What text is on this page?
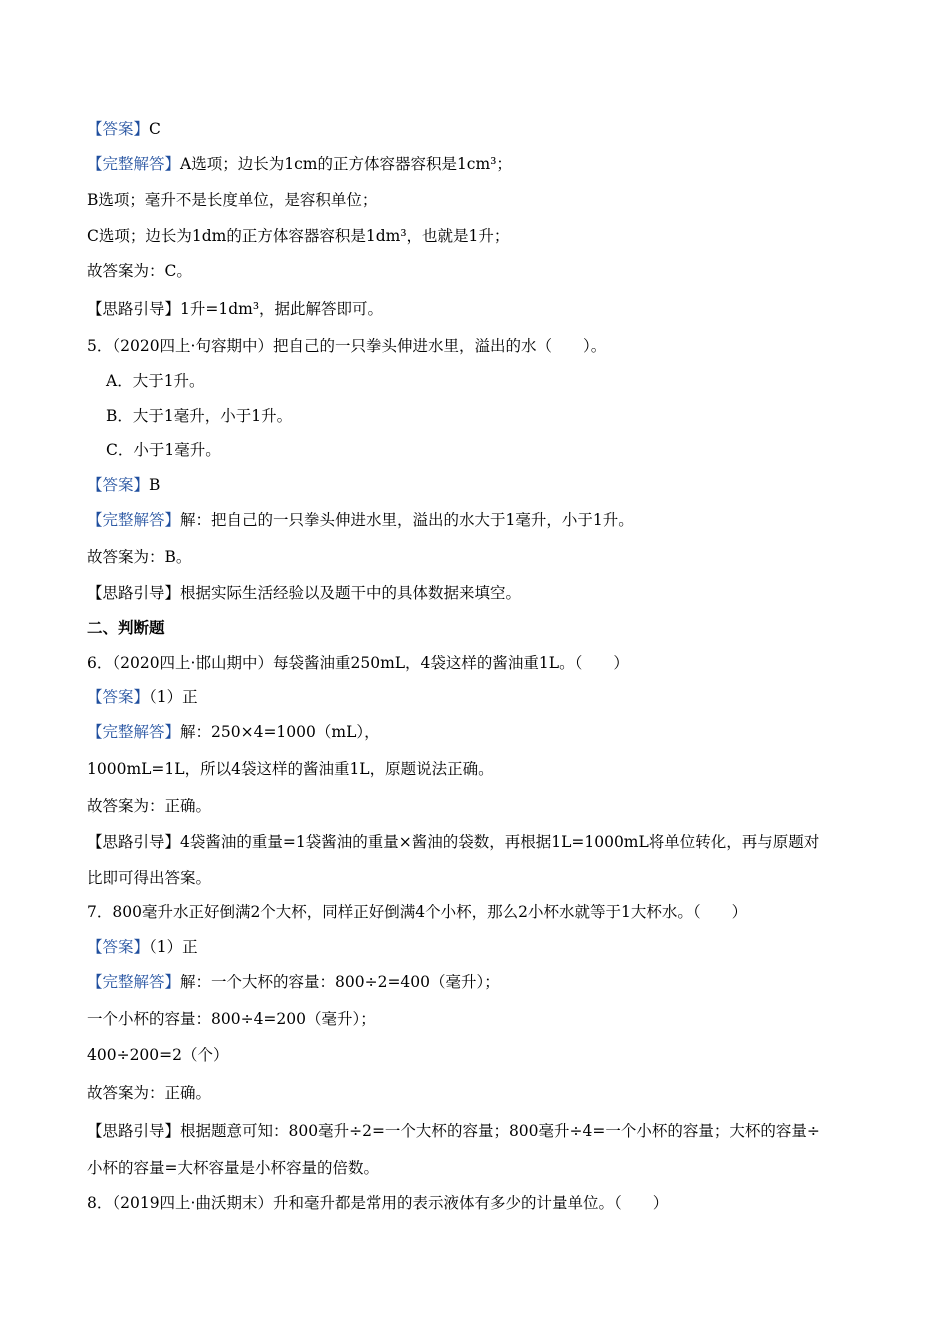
【答案】C
【完整解答】A选项；边长为1cm的正方体容器容积是1cm³；
B选项；毫升不是长度单位，是容积单位；
C选项；边长为1dm的正方体容器容积是1dm³，也就是1升；
故答案为：C。
【思路引导】1升=1dm³，据此解答即可。
5．（2020四上·句容期中）把自己的一只拳头伸进水里，溢出的水（　　）。
A．大于1升。
B．大于1毫升，小于1升。
C．小于1毫升。
【答案】B
【完整解答】解：把自己的一只拳头伸进水里，溢出的水大于1毫升，小于1升。
故答案为：B。
【思路引导】根据实际生活经验以及题干中的具体数据来填空。
二、判断题
6．（2020四上·邯山期中）每袋酱油重250mL，4袋这样的酱油重1L。（　　）
【答案】（1）正
【完整解答】解：250×4=1000（mL），
1000mL=1L，所以4袋这样的酱油重1L，原题说法正确。
故答案为：正确。
【思路引导】4袋酱油的重量=1袋酱油的重量×酱油的袋数，再根据1L=1000mL将单位转化，再与原题对
比即可得出答案。
7．800毫升水正好倒满2个大杯，同样正好倒满4个小杯，那么2小杯水就等于1大杯水。（　　）
【答案】（1）正
【完整解答】解：一个大杯的容量：800÷2=400（毫升）；
一个小杯的容量：800÷4=200（毫升）；
400÷200=2（个）
故答案为：正确。
【思路引导】根据题意可知：800毫升÷2=一个大杯的容量；800毫升÷4=一个小杯的容量；大杯的容量÷
小杯的容量=大杯容量是小杯容量的倍数。
8．（2019四上·曲沃期末）升和毫升都是常用的表示液体有多少的计量单位。（　　）
